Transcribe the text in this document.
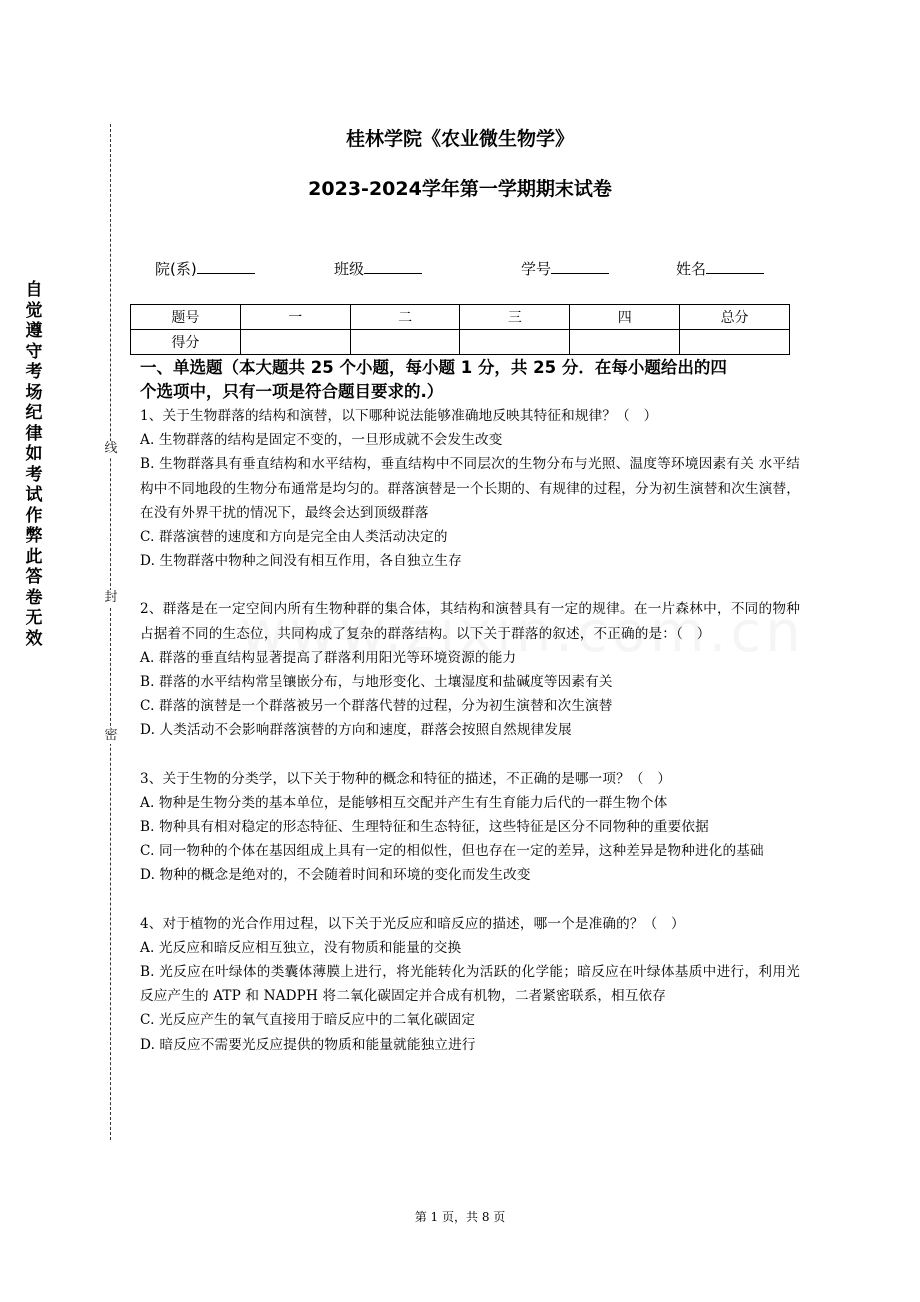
自觉遵守考场纪律如考试作弊此答卷无效
线
封
密
桂林学院《农业微生物学》
2023-2024学年第一学期期末试卷
院(系)	班级	学号	姓名
题号	一	二	三	四	总分
得分					
一、单选题（本大题共 25 个小题，每小题 1 分，共 25 分．在每小题给出的四
个选项中，只有一项是符合题目要求的.）

1、关于生物群落的结构和演替，以下哪种说法能够准确地反映其特征和规律？（　）

A. 生物群落的结构是固定不变的，一旦形成就不会发生改变

B. 生物群落具有垂直结构和水平结构，垂直结构中不同层次的生物分布与光照、温度等环境因素有关 水平结构中不同地段的生物分布通常是均匀的。群落演替是一个长期的、有规律的过程，分为初生演替和次生演替，在没有外界干扰的情况下，最终会达到顶级群落

C. 群落演替的速度和方向是完全由人类活动决定的

D. 生物群落中物种之间没有相互作用，各自独立生存

2、群落是在一定空间内所有生物种群的集合体，其结构和演替具有一定的规律。在一片森林中，不同的物种占据着不同的生态位，共同构成了复杂的群落结构。以下关于群落的叙述，不正确的是：（　）

A. 群落的垂直结构显著提高了群落利用阳光等环境资源的能力

B. 群落的水平结构常呈镶嵌分布，与地形变化、土壤湿度和盐碱度等因素有关

C. 群落的演替是一个群落被另一个群落代替的过程，分为初生演替和次生演替

D. 人类活动不会影响群落演替的方向和速度，群落会按照自然规律发展

3、关于生物的分类学，以下关于物种的概念和特征的描述，不正确的是哪一项？（　）

A. 物种是生物分类的基本单位，是能够相互交配并产生有生育能力后代的一群生物个体

B. 物种具有相对稳定的形态特征、生理特征和生态特征，这些特征是区分不同物种的重要依据

C. 同一物种的个体在基因组成上具有一定的相似性，但也存在一定的差异，这种差异是物种进化的基础

D. 物种的概念是绝对的，不会随着时间和环境的变化而发生改变

4、对于植物的光合作用过程，以下关于光反应和暗反应的描述，哪一个是准确的？（　）

A. 光反应和暗反应相互独立，没有物质和能量的交换

B. 光反应在叶绿体的类囊体薄膜上进行，将光能转化为活跃的化学能；暗反应在叶绿体基质中进行，利用光反应产生的 ATP 和 NADPH 将二氧化碳固定并合成有机物，二者紧密联系，相互依存

C. 光反应产生的氧气直接用于暗反应中的二氧化碳固定

D. 暗反应不需要光反应提供的物质和能量就能独立进行

第 1 页，共 8 页
